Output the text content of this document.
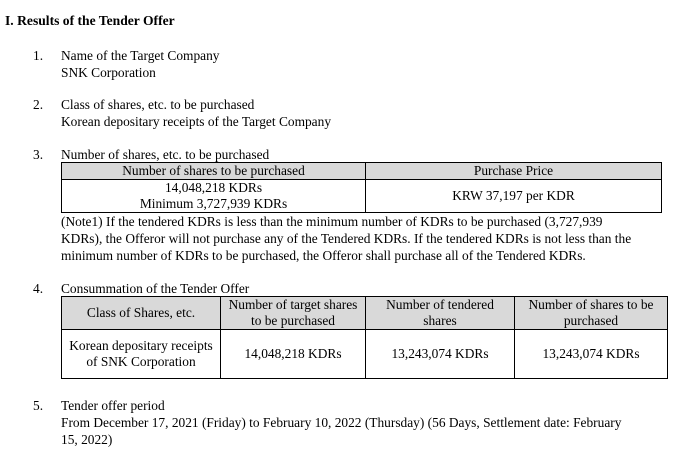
I. Results of the Tender Offer
1. Name of the Target Company
SNK Corporation
2. Class of shares, etc. to be purchased
Korean depositary receipts of the Target Company
3. Number of shares, etc. to be purchased
Number of shares to be purchased	Purchase Price

14,048,218 KDRs
Minimum 3,727,939 KDRs	KRW 37,197 per KDR
(Note1) If the tendered KDRs is less than the minimum number of KDRs to be purchased (3,727,939
KDRs), the Offeror will not purchase any of the Tendered KDRs. If the tendered KDRs is not less than the
minimum number of KDRs to be purchased, the Offeror shall purchase all of the Tendered KDRs.
4. Consummation of the Tender Offer
Class of Shares, etc.	Number of target shares to be purchased	Number of tendered shares	Number of shares to be purchased
Korean depositary receipts of SNK Corporation	14,048,218 KDRs	13,243,074 KDRs	13,243,074 KDRs
5. Tender offer period
From December 17, 2021 (Friday) to February 10, 2022 (Thursday) (56 Days, Settlement date: February
15, 2022)
